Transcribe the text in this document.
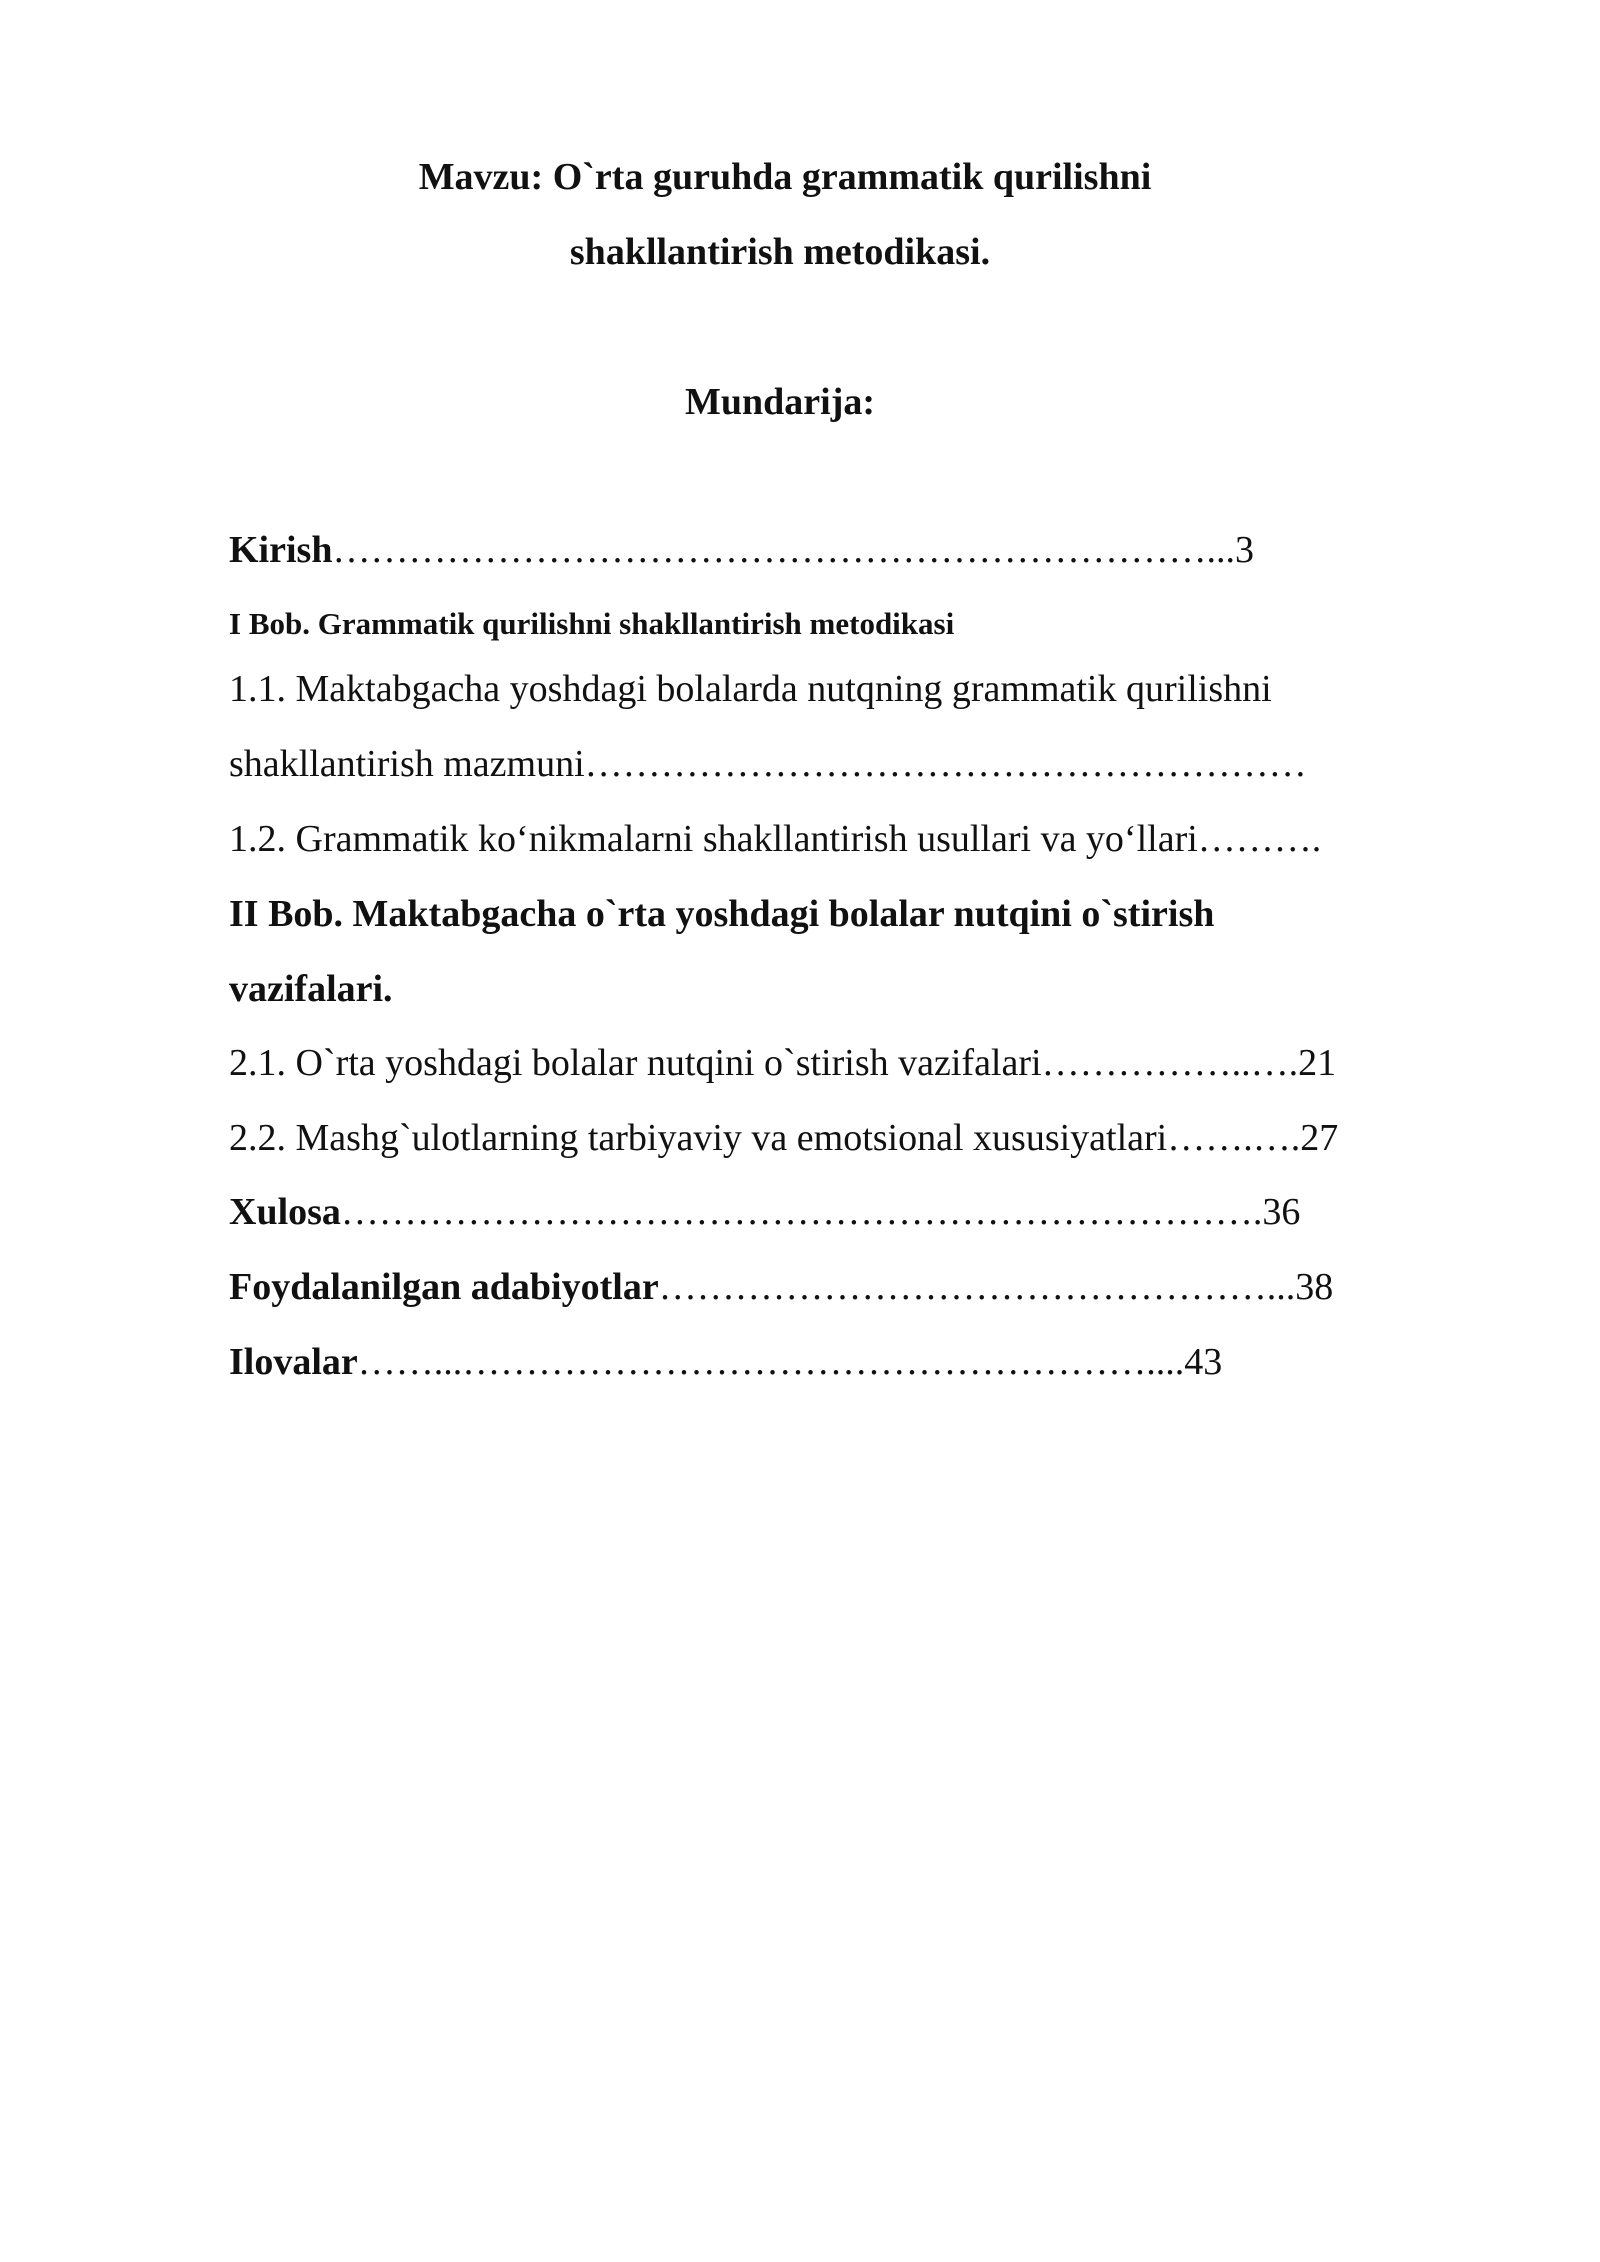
Mavzu: O`rta guruhda grammatik qurilishni
shakllantirish metodikasi.
Mundarija:
Kirish……………………………………………………………...3
I Bob. Grammatik qurilishni shakllantirish metodikasi
1.1. Maktabgacha yoshdagi bolalarda nutqning grammatik qurilishni
shakllantirish mazmuni…………………………………………………
1.2. Grammatik ko‘nikmalarni shakllantirish usullari va yo‘llari……….
II Bob. Maktabgacha o`rta yoshdagi bolalar nutqini o`stirish
vazifalari.
2.1. O`rta yoshdagi bolalar nutqini o`stirish vazifalari……………..….21
2.2. Mashg`ulotlarning tarbiyaviy va emotsional xususiyatlari…….….27
Xulosa……………………………………………………………….36
Foydalanilgan adabiyotlar…………………………………………...38
Ilovalar……...………………………………………………....43
